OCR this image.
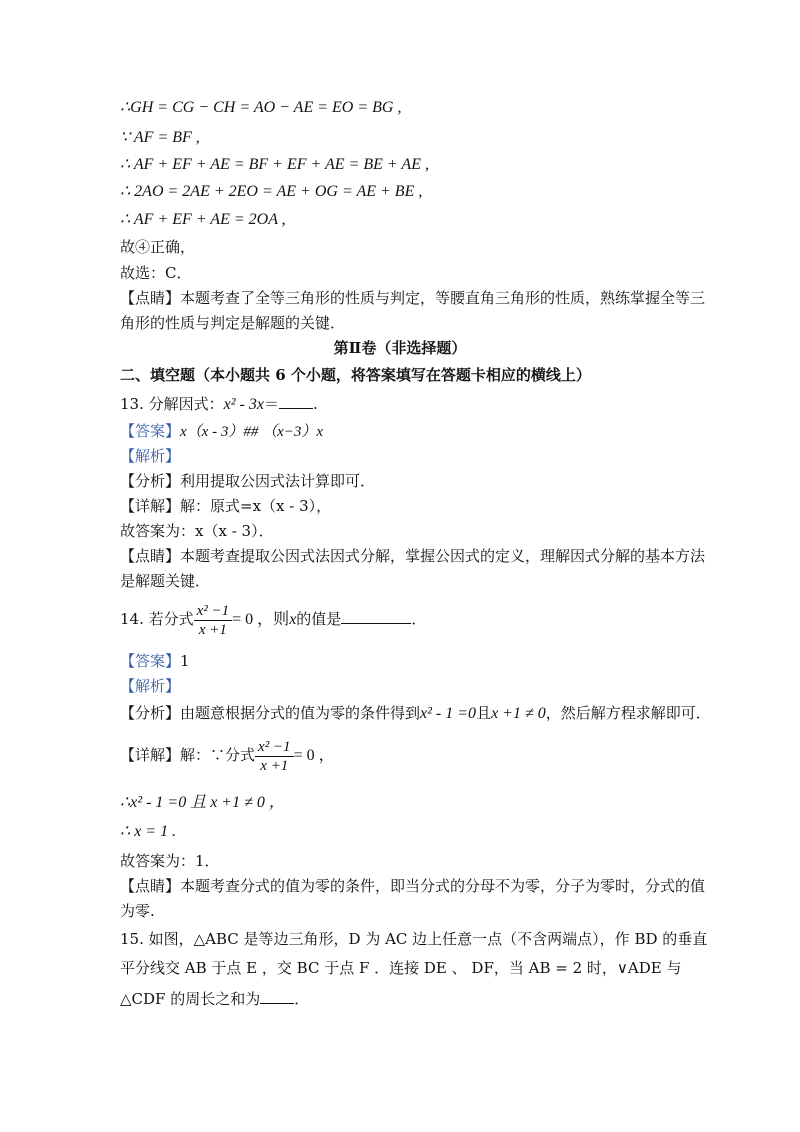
∴GH = CG − CH = AO − AE = EO = BG ,
∵ AF = BF ,
∴ AF + EF + AE = BF + EF + AE = BE + AE ,
∴ 2AO = 2AE + 2EO = AE + OG = AE + BE ,
∴ AF + EF + AE = 2OA ,
故④正确，
故选：C．
【点睛】本题考查了全等三角形的性质与判定，等腰直角三角形的性质，熟练掌握全等三
角形的性质与判定是解题的关键．
第Ⅱ卷（非选择题）
二、填空题（本小题共 6 个小题，将答案填写在答题卡相应的横线上）
13. 分解因式：x² - 3x＝ .
【答案】x（x - 3）## （x−3）x
【解析】
【分析】利用提取公因式法计算即可．
【详解】解：原式=x（x - 3），
故答案为：x（x - 3）．
【点睛】本题考查提取公因式法因式分解，掌握公因式的定义，理解因式分解的基本方法
是解题关键．
14. 若分式 $\frac{\text{x² −1}}{x +1} = 0$ ，则x的值是	．
【答案】1
【解析】
【分析】由题意根据分式的值为零的条件得到x² - 1 =0且x +1 ≠ 0，然后解方程求解即可．
【详解】解：∵分式 $\frac{\text{x² −1}}{x +1} = 0$ ，
∴x² - 1 =0 且 x +1 ≠ 0 ，
∴ x = 1 .
故答案为：1．
【点睛】本题考查分式的值为零的条件，即当分式的分母不为零，分子为零时，分式的值
为零.
15. 如图，△ABC 是等边三角形，D 为 AC 边上任意一点（不含两端点），作 BD 的垂直
平分线交 AB 于点 E ，交 BC 于点 F ．连接 DE 、 DF，当 AB = 2 时，∨ADE 与
△CDF 的周长之和为 ．
